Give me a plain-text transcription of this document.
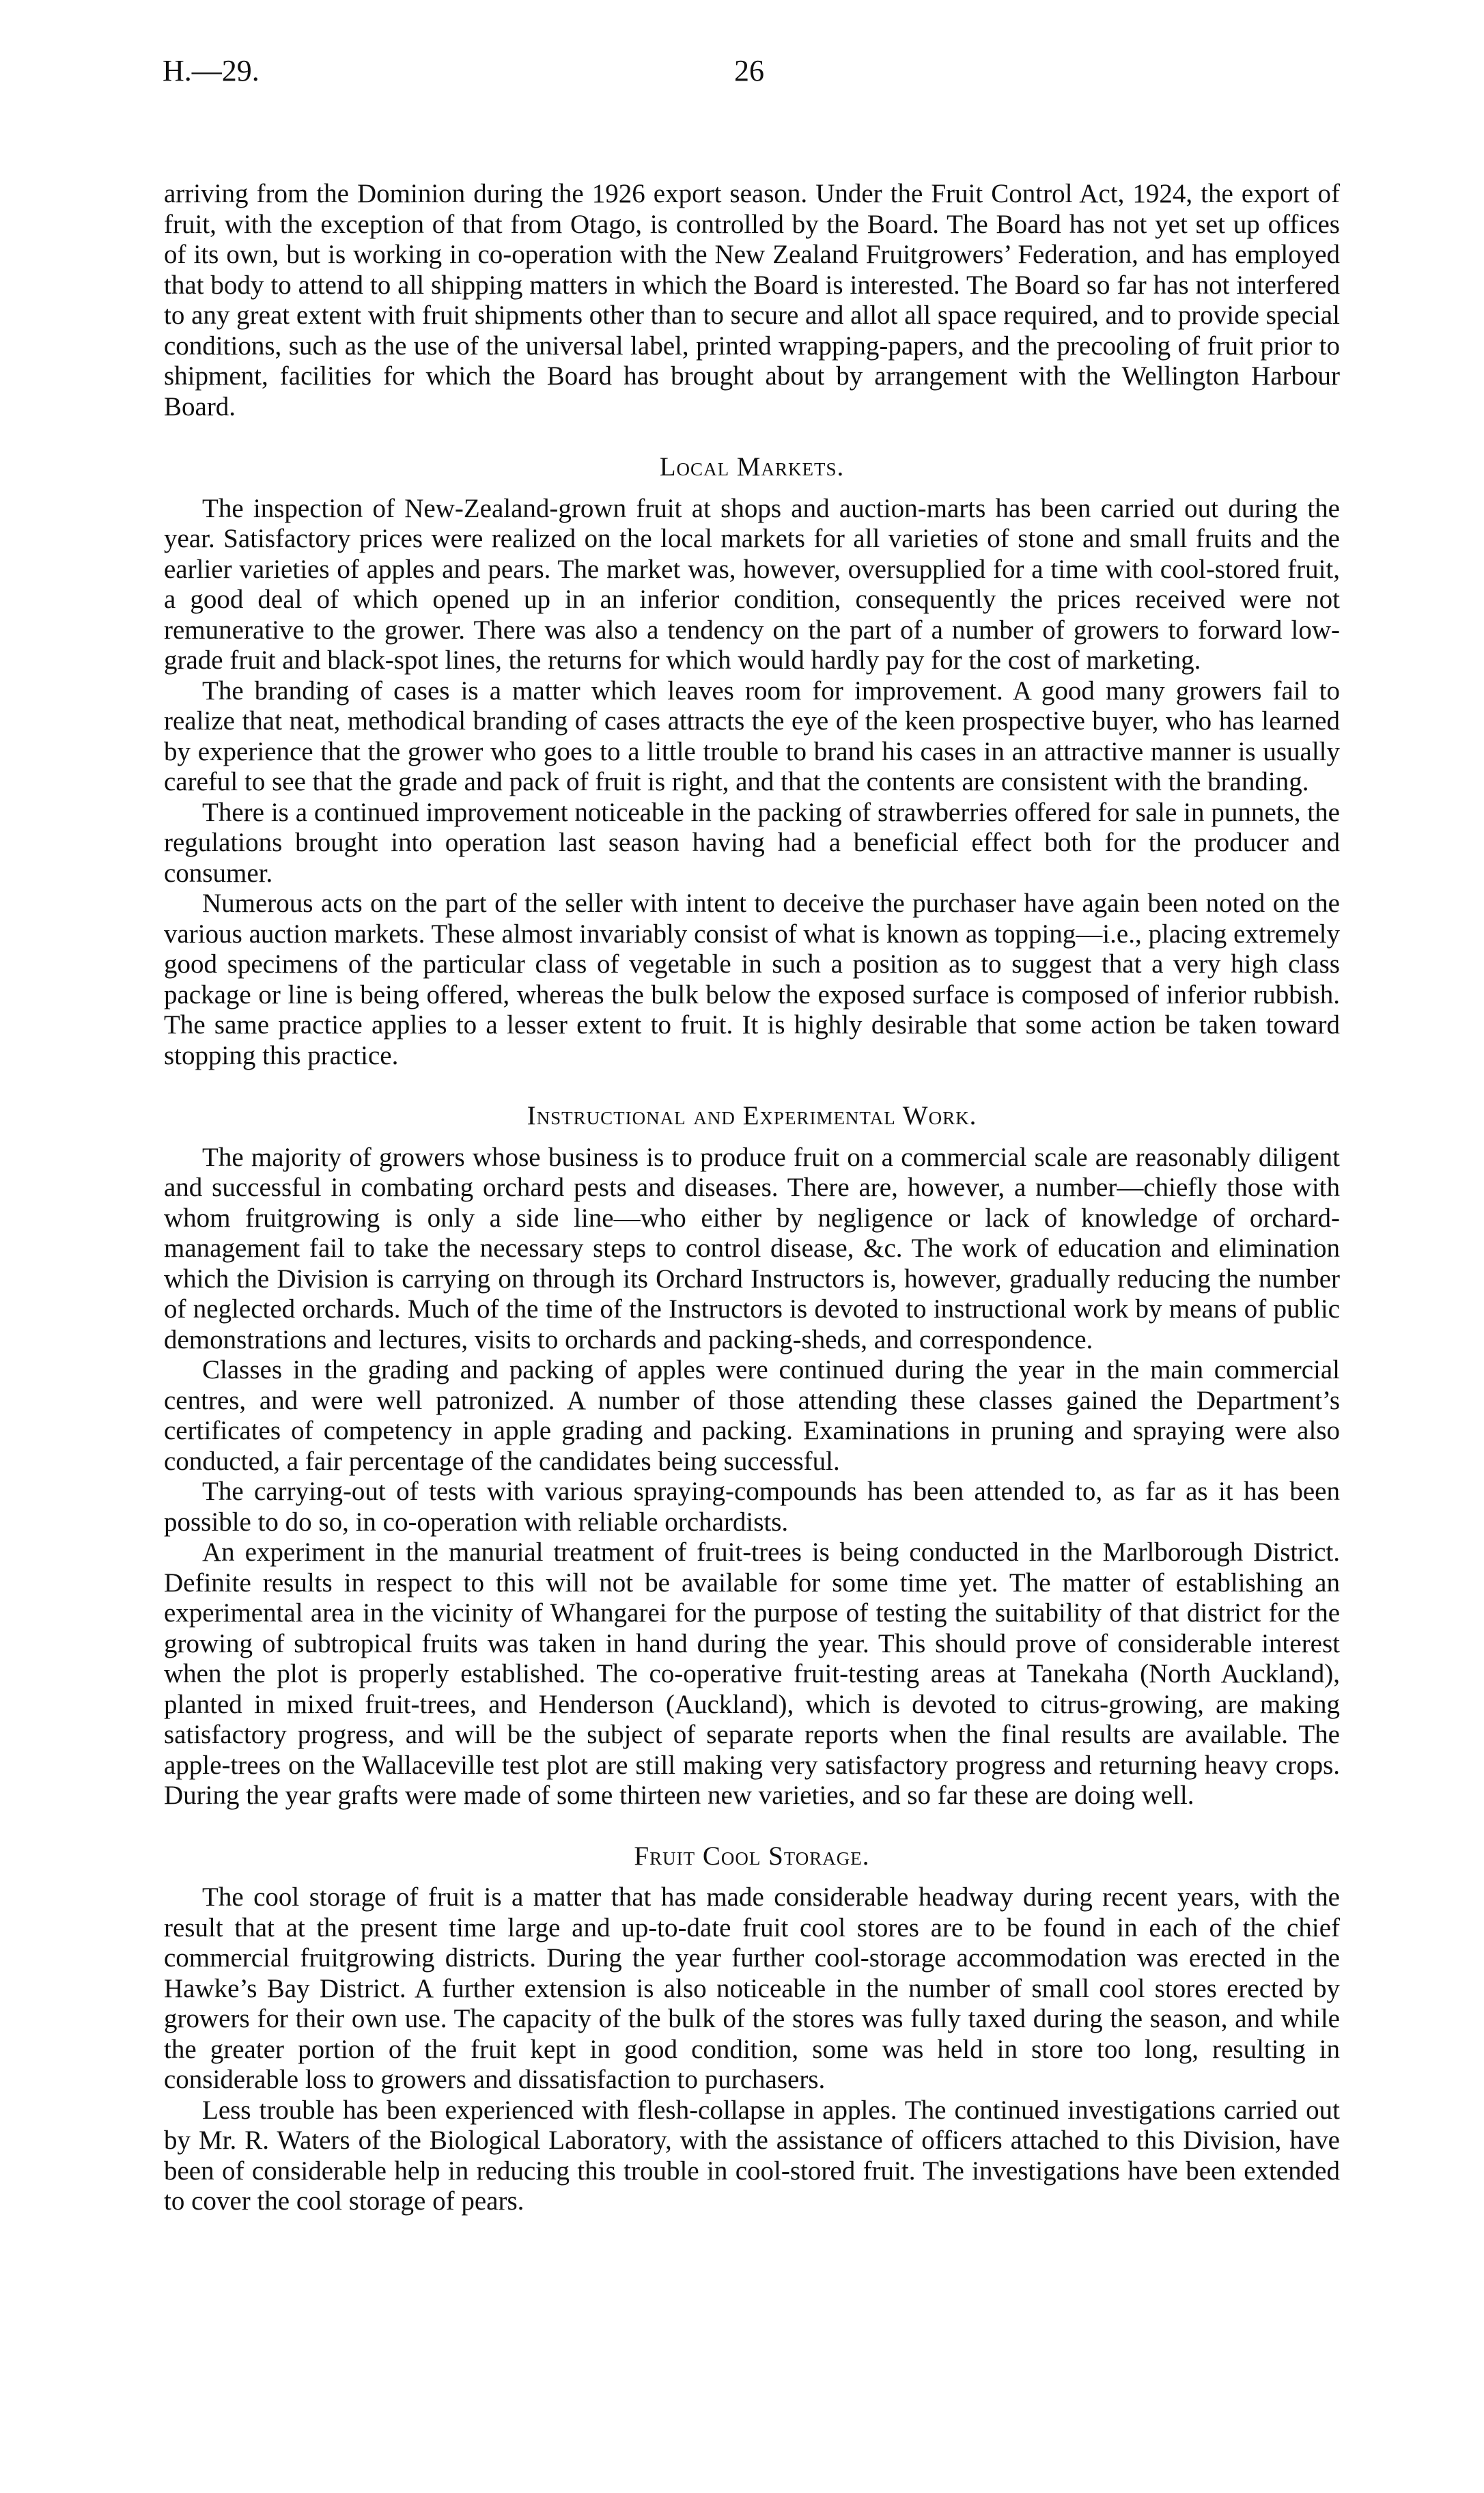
H.—29.	26

arriving from the Dominion during the 1926 export season. Under the Fruit Control Act, 1924, the export of fruit, with the exception of that from Otago, is controlled by the Board. The Board has not yet set up offices of its own, but is working in co-operation with the New Zealand Fruitgrowers’ Federation, and has employed that body to attend to all shipping matters in which the Board is interested. The Board so far has not interfered to any great extent with fruit shipments other than to secure and allot all space required, and to provide special conditions, such as the use of the universal label, printed wrapping-papers, and the precooling of fruit prior to shipment, facilities for which the Board has brought about by arrangement with the Wellington Harbour Board.

Local Markets.

The inspection of New-Zealand-grown fruit at shops and auction-marts has been carried out during the year. Satisfactory prices were realized on the local markets for all varieties of stone and small fruits and the earlier varieties of apples and pears. The market was, however, oversupplied for a time with cool-stored fruit, a good deal of which opened up in an inferior condition, consequently the prices received were not remunerative to the grower. There was also a tendency on the part of a number of growers to forward low-grade fruit and black-spot lines, the returns for which would hardly pay for the cost of marketing.

The branding of cases is a matter which leaves room for improvement. A good many growers fail to realize that neat, methodical branding of cases attracts the eye of the keen prospective buyer, who has learned by experience that the grower who goes to a little trouble to brand his cases in an attractive manner is usually careful to see that the grade and pack of fruit is right, and that the contents are consistent with the branding.

There is a continued improvement noticeable in the packing of strawberries offered for sale in punnets, the regulations brought into operation last season having had a beneficial effect both for the producer and consumer.

Numerous acts on the part of the seller with intent to deceive the purchaser have again been noted on the various auction markets. These almost invariably consist of what is known as topping—i.e., placing extremely good specimens of the particular class of vegetable in such a position as to suggest that a very high class package or line is being offered, whereas the bulk below the exposed surface is composed of inferior rubbish. The same practice applies to a lesser extent to fruit. It is highly desirable that some action be taken toward stopping this practice.

Instructional and Experimental Work.

The majority of growers whose business is to produce fruit on a commercial scale are reasonably diligent and successful in combating orchard pests and diseases. There are, however, a number—chiefly those with whom fruitgrowing is only a side line—who either by negligence or lack of knowledge of orchard-management fail to take the necessary steps to control disease, &c. The work of education and elimination which the Division is carrying on through its Orchard Instructors is, however, gradually reducing the number of neglected orchards. Much of the time of the Instructors is devoted to instructional work by means of public demonstrations and lectures, visits to orchards and packing-sheds, and correspondence.

Classes in the grading and packing of apples were continued during the year in the main commercial centres, and were well patronized. A number of those attending these classes gained the Department’s certificates of competency in apple grading and packing. Examinations in pruning and spraying were also conducted, a fair percentage of the candidates being successful.

The carrying-out of tests with various spraying-compounds has been attended to, as far as it has been possible to do so, in co-operation with reliable orchardists.

An experiment in the manurial treatment of fruit-trees is being conducted in the Marlborough District. Definite results in respect to this will not be available for some time yet. The matter of establishing an experimental area in the vicinity of Whangarei for the purpose of testing the suitability of that district for the growing of subtropical fruits was taken in hand during the year. This should prove of considerable interest when the plot is properly established. The co-operative fruit-testing areas at Tanekaha (North Auckland), planted in mixed fruit-trees, and Henderson (Auckland), which is devoted to citrus-growing, are making satisfactory progress, and will be the subject of separate reports when the final results are available. The apple-trees on the Wallaceville test plot are still making very satisfactory progress and returning heavy crops. During the year grafts were made of some thirteen new varieties, and so far these are doing well.

Fruit Cool Storage.

The cool storage of fruit is a matter that has made considerable headway during recent years, with the result that at the present time large and up-to-date fruit cool stores are to be found in each of the chief commercial fruitgrowing districts. During the year further cool-storage accommodation was erected in the Hawke’s Bay District. A further extension is also noticeable in the number of small cool stores erected by growers for their own use. The capacity of the bulk of the stores was fully taxed during the season, and while the greater portion of the fruit kept in good condition, some was held in store too long, resulting in considerable loss to growers and dissatisfaction to purchasers.

Less trouble has been experienced with flesh-collapse in apples. The continued investigations carried out by Mr. R. Waters of the Biological Laboratory, with the assistance of officers attached to this Division, have been of considerable help in reducing this trouble in cool-stored fruit. The investigations have been extended to cover the cool storage of pears.
